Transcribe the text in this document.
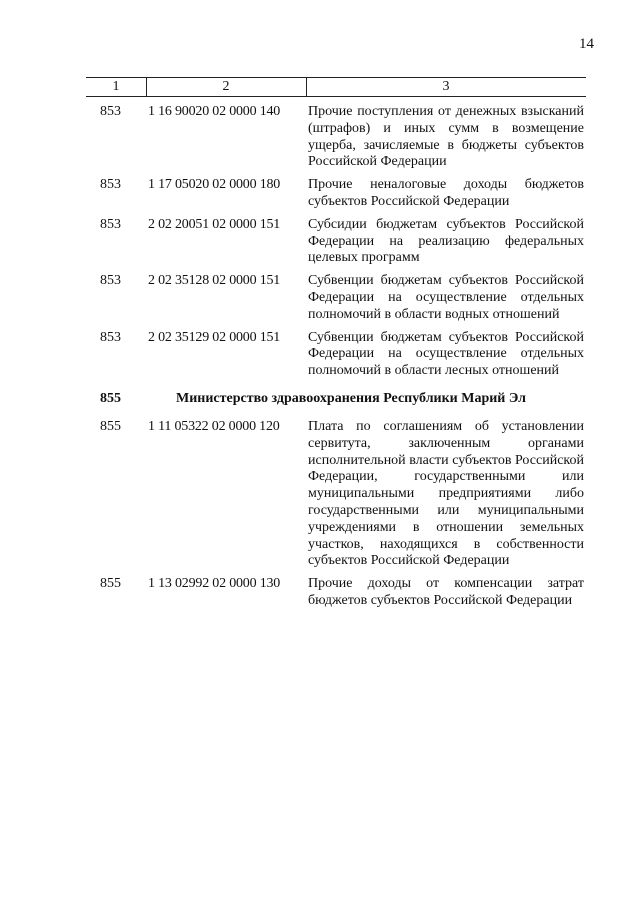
14
1	2	3
853	1 16 90020 02 0000 140	Прочие поступления от денежных взысканий (штрафов) и иных сумм в возмещение ущерба, зачисляемые в бюджеты субъектов Российской Федерации
853	1 17 05020 02 0000 180	Прочие неналоговые доходы бюджетов субъектов Российской Федерации
853	2 02 20051 02 0000 151	Субсидии бюджетам субъектов Российской Федерации на реализацию федеральных целевых программ
853	2 02 35128 02 0000 151	Субвенции бюджетам субъектов Российской Федерации на осуществление отдельных полномочий в области водных отношений
853	2 02 35129 02 0000 151	Субвенции бюджетам субъектов Российской Федерации на осуществление отдельных полномочий в области лесных отношений
855	Министерство здравоохранения Республики Марий Эл
855	1 11 05322 02 0000 120	Плата по соглашениям об установлении сервитута, заключенным органами исполнительной власти субъектов Российской Федерации, государственными или муниципальными предприятиями либо государственными или муниципальными учреждениями в отношении земельных участков, находящихся в собственности субъектов Российской Федерации
855	1 13 02992 02 0000 130	Прочие доходы от компенсации затрат бюджетов субъектов Российской Федерации
